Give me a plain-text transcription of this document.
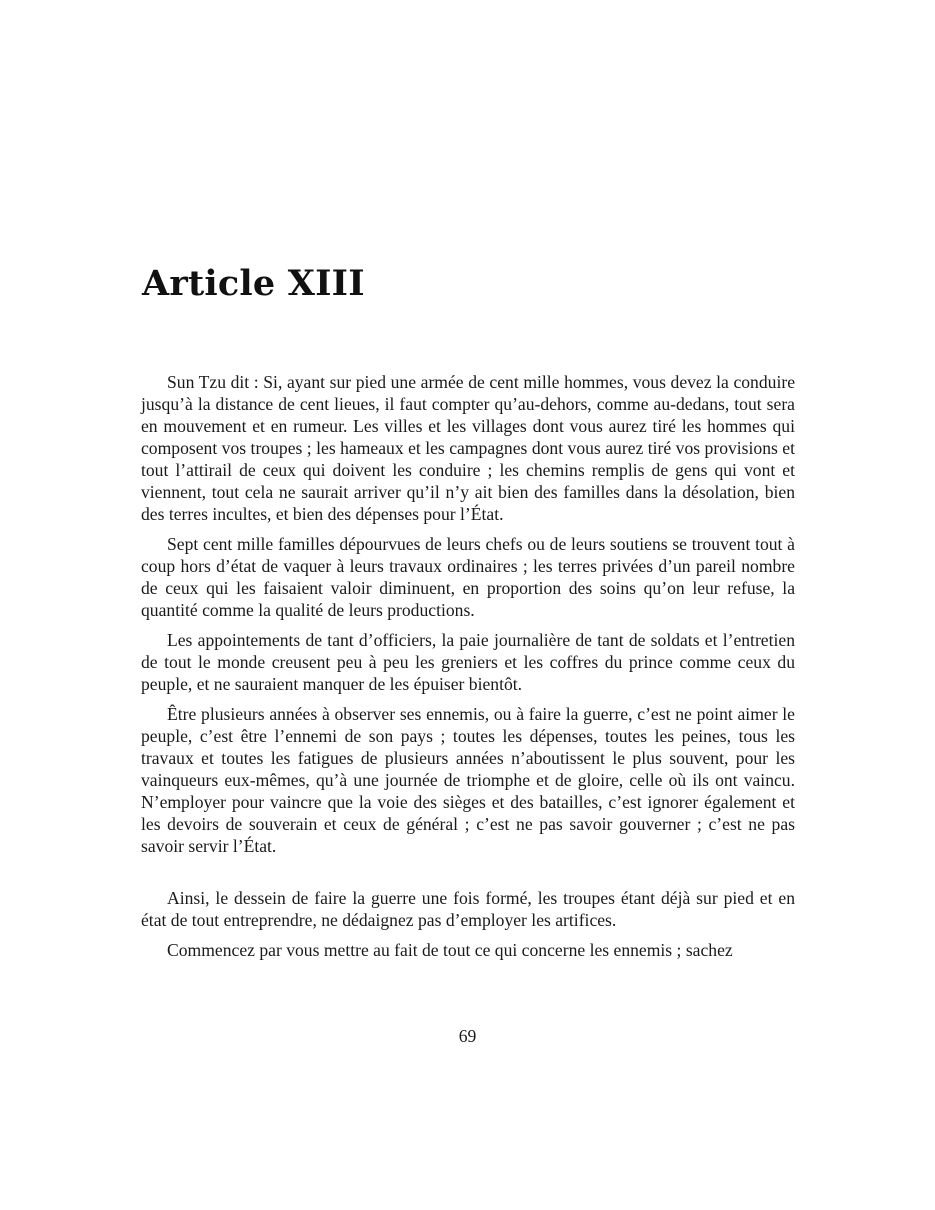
Article XIII

Sun Tzu dit : Si, ayant sur pied une armée de cent mille hommes, vous devez la conduire jusqu’à la distance de cent lieues, il faut compter qu’au-dehors, comme au-dedans, tout sera en mouvement et en rumeur. Les villes et les villages dont vous aurez tiré les hommes qui composent vos troupes ; les hameaux et les campagnes dont vous aurez tiré vos provisions et tout l’attirail de ceux qui doivent les conduire ; les chemins remplis de gens qui vont et viennent, tout cela ne saurait arriver qu’il n’y ait bien des familles dans la désolation, bien des terres incultes, et bien des dépenses pour l’État.

Sept cent mille familles dépourvues de leurs chefs ou de leurs soutiens se trouvent tout à coup hors d’état de vaquer à leurs travaux ordinaires ; les terres privées d’un pareil nombre de ceux qui les faisaient valoir diminuent, en proportion des soins qu’on leur refuse, la quantité comme la qualité de leurs productions.

Les appointements de tant d’officiers, la paie journalière de tant de soldats et l’entretien de tout le monde creusent peu à peu les greniers et les coffres du prince comme ceux du peuple, et ne sauraient manquer de les épuiser bientôt.

Être plusieurs années à observer ses ennemis, ou à faire la guerre, c’est ne point aimer le peuple, c’est être l’ennemi de son pays ; toutes les dépenses, toutes les peines, tous les travaux et toutes les fatigues de plusieurs années n’aboutissent le plus souvent, pour les vainqueurs eux-mêmes, qu’à une journée de triomphe et de gloire, celle où ils ont vaincu. N’employer pour vaincre que la voie des sièges et des batailles, c’est ignorer également et les devoirs de souverain et ceux de général ; c’est ne pas savoir gouverner ; c’est ne pas savoir servir l’État.

Ainsi, le dessein de faire la guerre une fois formé, les troupes étant déjà sur pied et en état de tout entreprendre, ne dédaignez pas d’employer les artifices.

Commencez par vous mettre au fait de tout ce qui concerne les ennemis ; sachez

69
